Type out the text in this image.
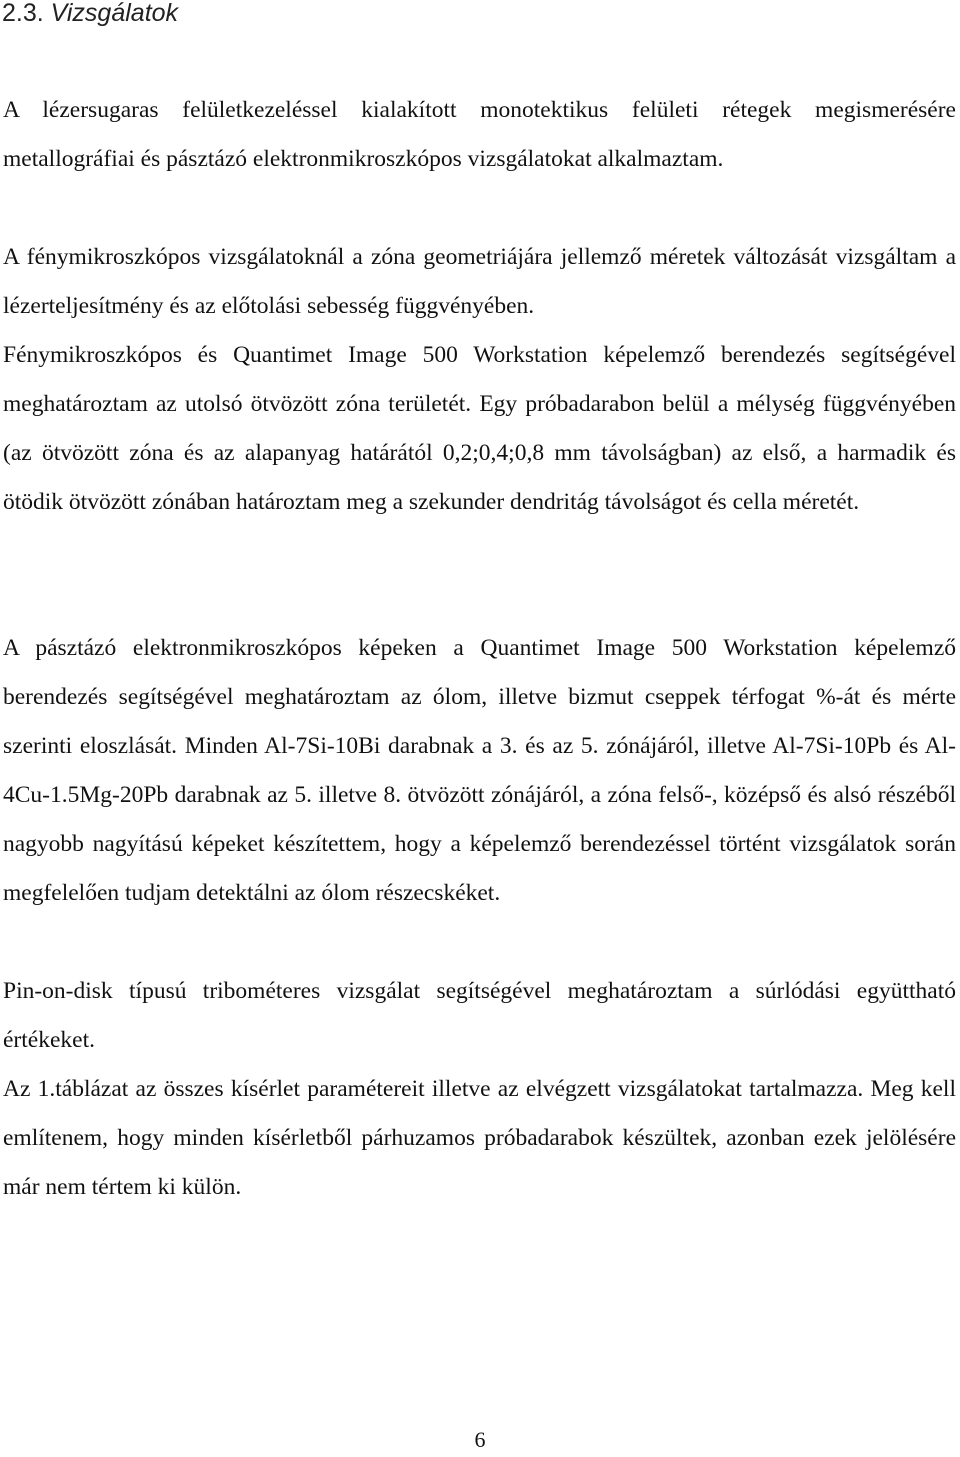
2.3. Vizsgálatok

A lézersugaras felületkezeléssel kialakított monotektikus felületi rétegek megismerésére metallográfiai és pásztázó elektronmikroszkópos vizsgálatokat alkalmaztam.

A fénymikroszkópos vizsgálatoknál a zóna geometriájára jellemző méretek változását vizsgáltam a lézerteljesítmény és az előtolási sebesség függvényében.

Fénymikroszkópos és Quantimet Image 500 Workstation képelemző berendezés segítségével meghatároztam az utolsó ötvözött zóna területét. Egy próbadarabon belül a mélység függvényében (az ötvözött zóna és az alapanyag határától 0,2;0,4;0,8 mm távolságban) az első, a harmadik és ötödik ötvözött zónában határoztam meg a szekunder dendritág távolságot és cella méretét.

A pásztázó elektronmikroszkópos képeken a Quantimet Image 500 Workstation képelemző berendezés segítségével meghatároztam az ólom, illetve bizmut cseppek térfogat %-át és mérte szerinti eloszlását. Minden Al-7Si-10Bi darabnak a 3. és az 5. zónájáról, illetve Al-7Si-10Pb és Al-4Cu-1.5Mg-20Pb darabnak az 5. illetve 8. ötvözött zónájáról, a zóna felső-, középső és alsó részéből nagyobb nagyítású képeket készítettem, hogy a képelemző berendezéssel történt vizsgálatok során megfelelően tudjam detektálni az ólom részecskéket.

Pin-on-disk típusú tribométeres vizsgálat segítségével meghatároztam a súrlódási együttható értékeket.

Az 1.táblázat az összes kísérlet paramétereit illetve az elvégzett vizsgálatokat tartalmazza. Meg kell említenem, hogy minden kísérletből párhuzamos próbadarabok készültek, azonban ezek jelölésére már nem tértem ki külön.

6
